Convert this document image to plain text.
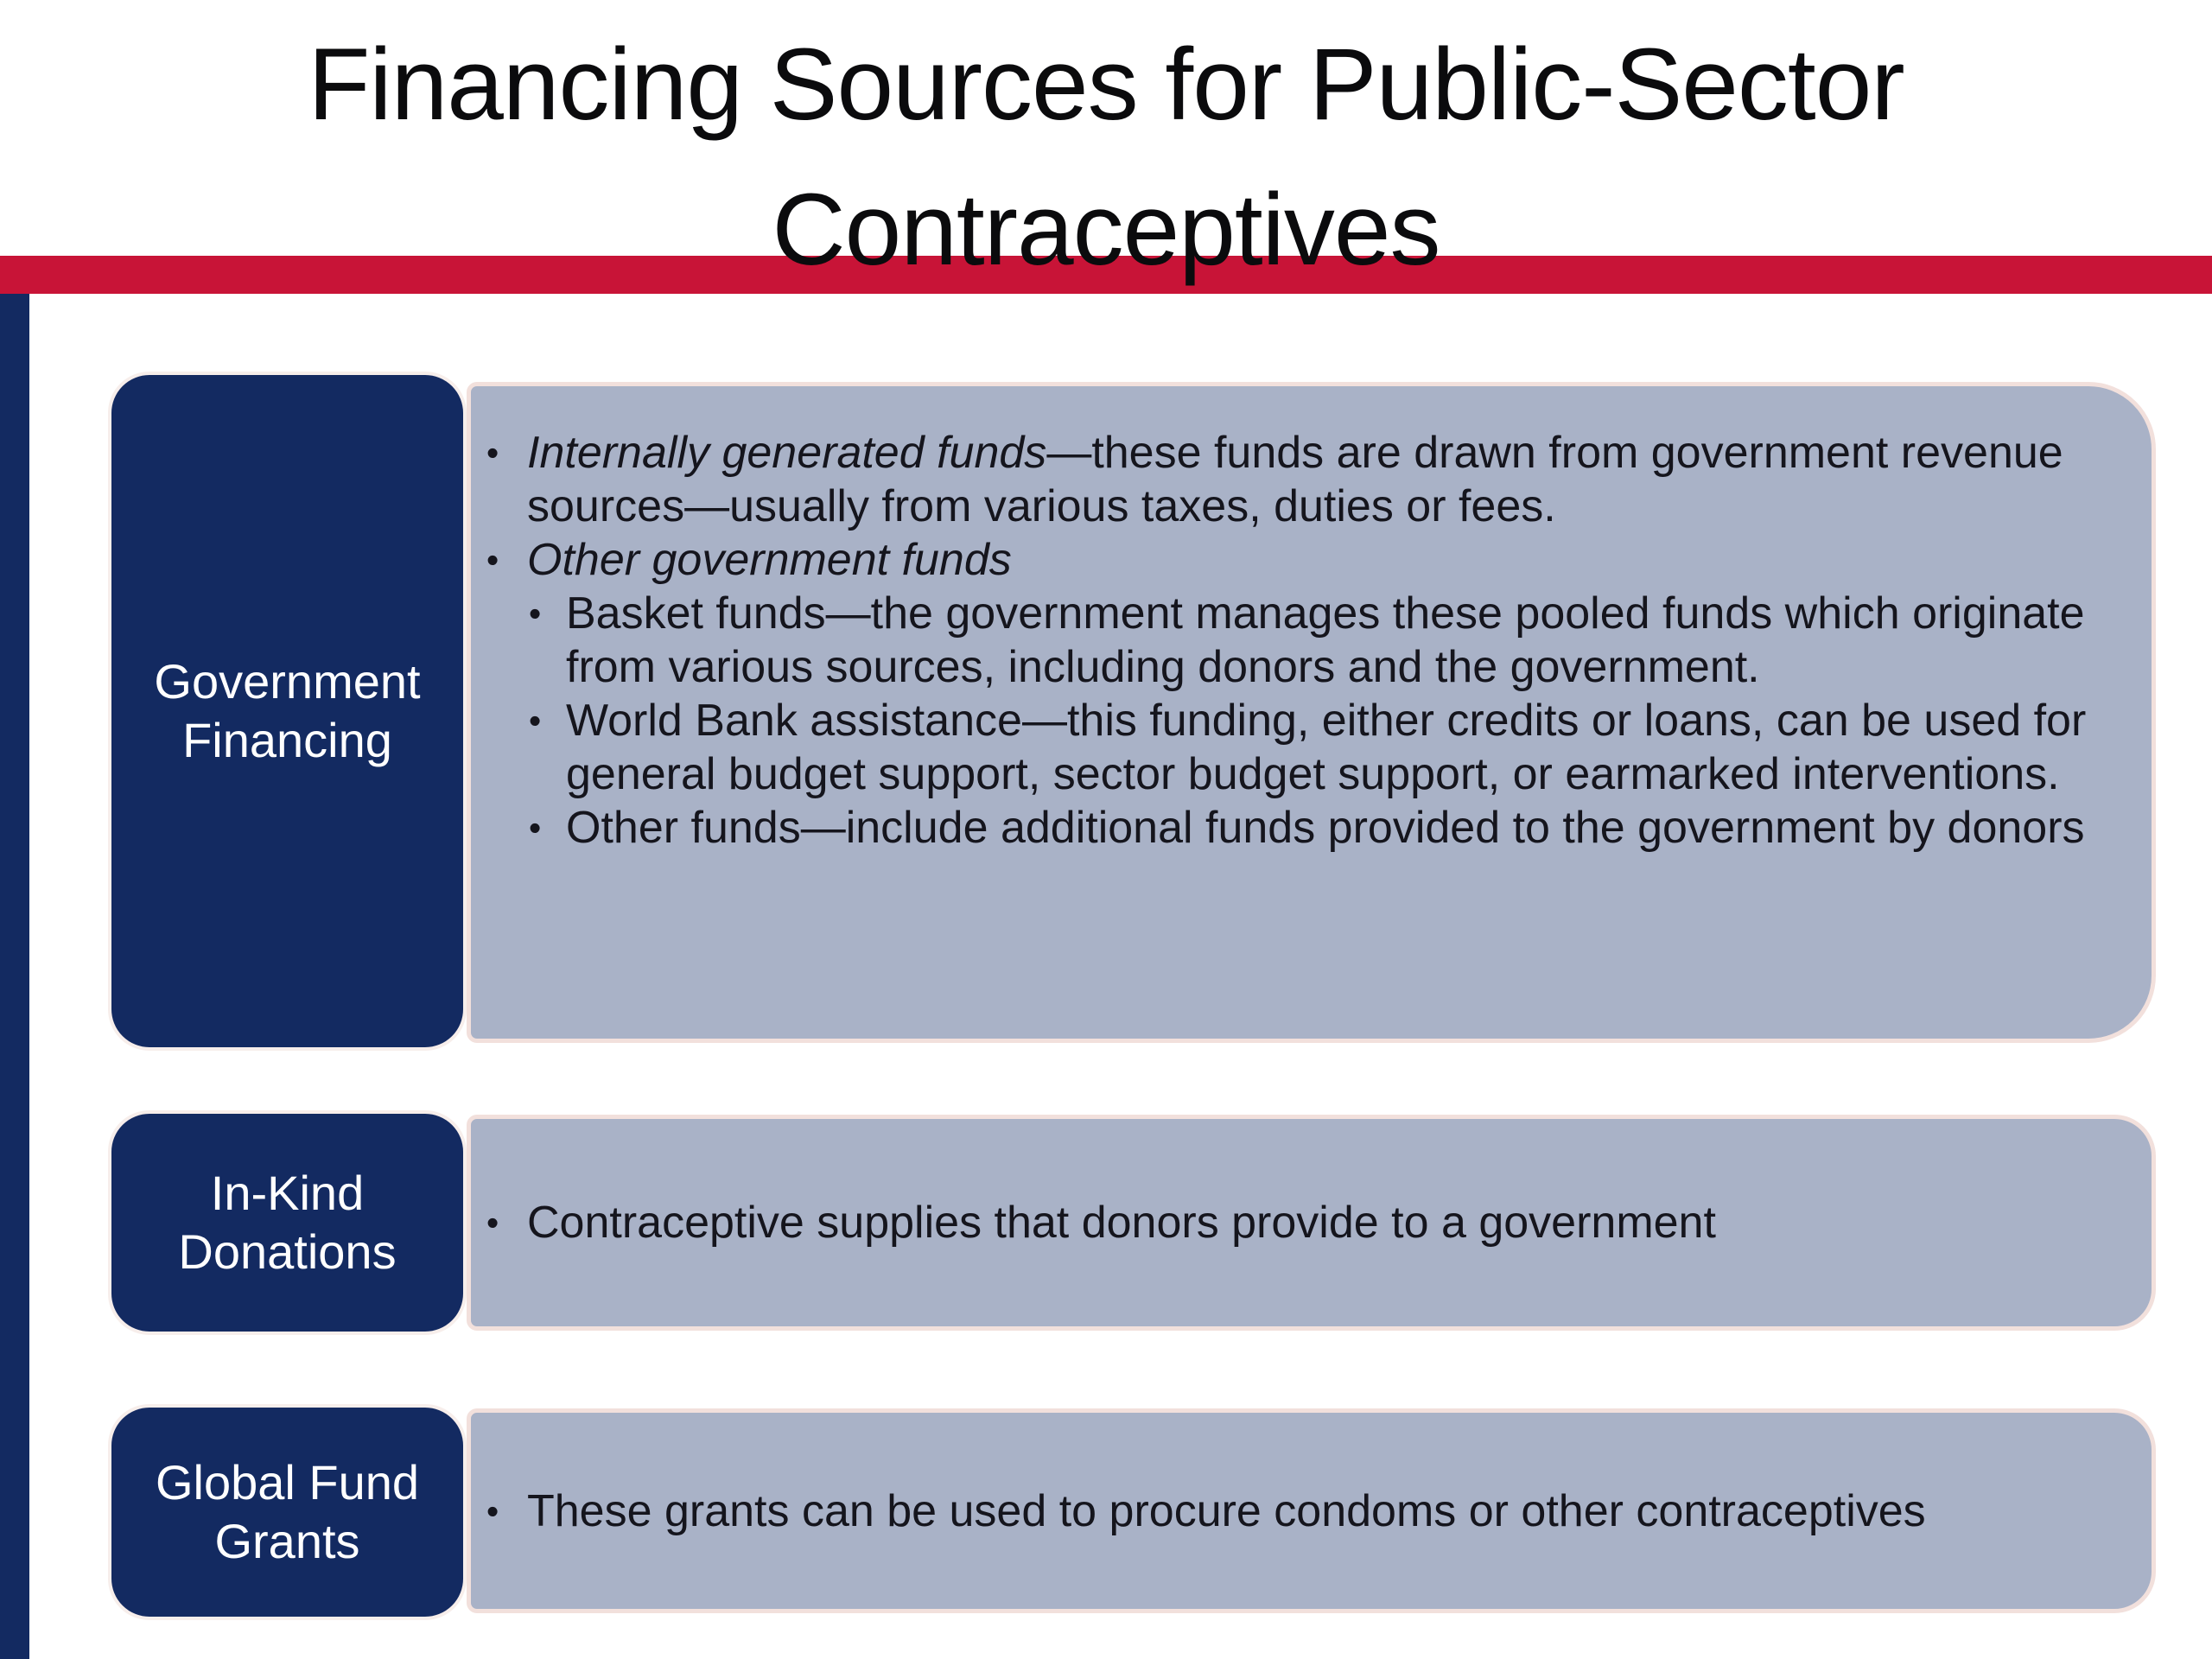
Financing Sources for Public-Sector
Contraceptives
Government Financing
• Internally generated funds—these funds are drawn from government revenue sources—usually from various taxes, duties or fees.
• Other government funds
• Basket funds—the government manages these pooled funds which originate from various sources, including donors and the government.
• World Bank assistance—this funding, either credits or loans, can be used for general budget support, sector budget support, or earmarked interventions.
• Other funds—include additional funds provided to the government by donors
In-Kind Donations
• Contraceptive supplies that donors provide to a government
Global Fund Grants
• These grants can be used to procure condoms or other contraceptives
